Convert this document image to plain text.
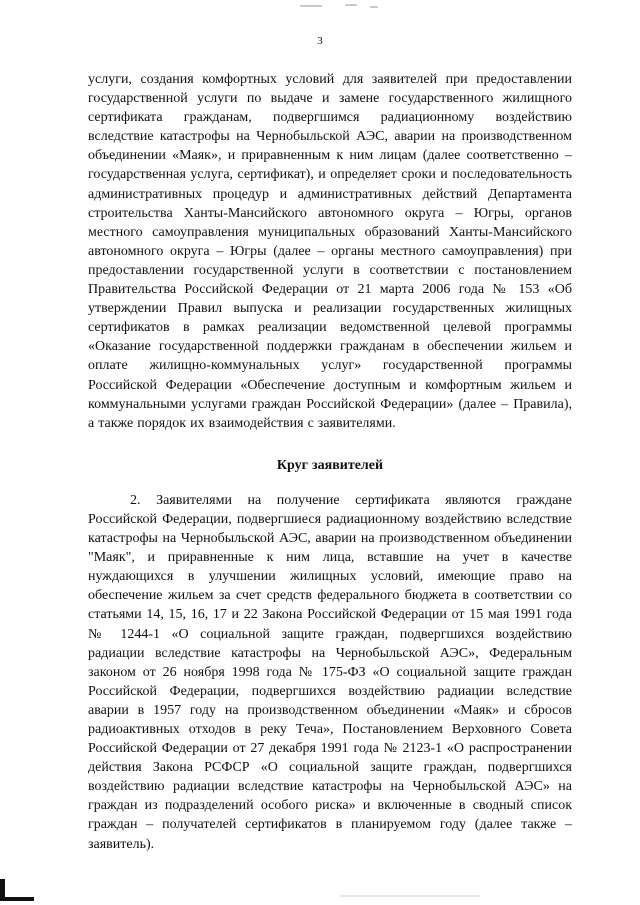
3

услуги, создания комфортных условий для заявителей при предоставлении государственной услуги по выдаче и замене государственного жилищного сертификата гражданам, подвергшимся радиационному воздействию вследствие катастрофы на Чернобыльской АЭС, аварии на производственном объединении «Маяк», и приравненным к ним лицам (далее соответственно – государственная услуга, сертификат), и определяет сроки и последовательность административных процедур и административных действий Департамента строительства Ханты-Мансийского автономного округа – Югры, органов местного самоуправления муниципальных образований Ханты-Мансийского автономного округа – Югры (далее – органы местного самоуправления) при предоставлении государственной услуги в соответствии с постановлением Правительства Российской Федерации от 21 марта 2006 года № 153 «Об утверждении Правил выпуска и реализации государственных жилищных сертификатов в рамках реализации ведомственной целевой программы «Оказание государственной поддержки гражданам в обеспечении жильем и оплате жилищно-коммунальных услуг» государственной программы Российской Федерации «Обеспечение доступным и комфортным жильем и коммунальными услугами граждан Российской Федерации» (далее – Правила), а также порядок их взаимодействия с заявителями.

Круг заявителей

2. Заявителями на получение сертификата являются граждане Российской Федерации, подвергшиеся радиационному воздействию вследствие катастрофы на Чернобыльской АЭС, аварии на производственном объединении "Маяк", и приравненные к ним лица, вставшие на учет в качестве нуждающихся в улучшении жилищных условий, имеющие право на обеспечение жильем за счет средств федерального бюджета в соответствии со статьями 14, 15, 16, 17 и 22 Закона Российской Федерации от 15 мая 1991 года № 1244-1 «О социальной защите граждан, подвергшихся воздействию радиации вследствие катастрофы на Чернобыльской АЭС», Федеральным законом от 26 ноября 1998 года № 175-ФЗ «О социальной защите граждан Российской Федерации, подвергшихся воздействию радиации вследствие аварии в 1957 году на производственном объединении «Маяк» и сбросов радиоактивных отходов в реку Теча», Постановлением Верховного Совета Российской Федерации от 27 декабря 1991 года № 2123-1 «О распространении действия Закона РСФСР «О социальной защите граждан, подвергшихся воздействию радиации вследствие катастрофы на Чернобыльской АЭС» на граждан из подразделений особого риска» и включенные в сводный список граждан – получателей сертификатов в планируемом году (далее также – заявитель).
